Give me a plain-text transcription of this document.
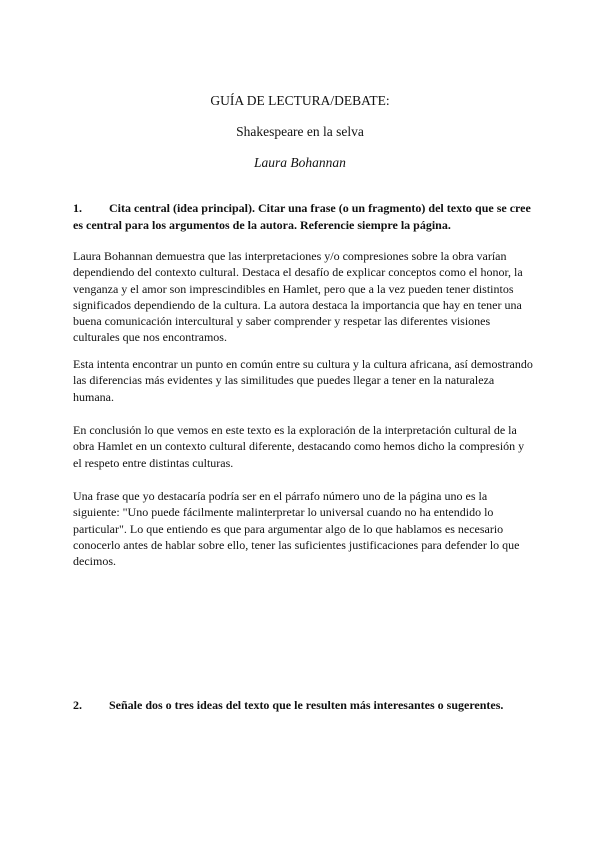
GUÍA DE LECTURA/DEBATE:
Shakespeare en la selva
Laura Bohannan
1.	Cita central (idea principal). Citar una frase (o un fragmento) del texto que se cree es central para los argumentos de la autora. Referencie siempre la página.

Laura Bohannan demuestra que las interpretaciones y/o compresiones sobre la obra varían dependiendo del contexto cultural. Destaca el desafío de explicar conceptos como el honor, la venganza y el amor son imprescindibles en Hamlet, pero que a la vez pueden tener distintos significados dependiendo de la cultura. La autora destaca la importancia que hay en tener una buena comunicación intercultural y saber comprender y respetar las diferentes visiones culturales que nos encontramos.

Esta intenta encontrar un punto en común entre su cultura y la cultura africana, así demostrando las diferencias más evidentes y las similitudes que puedes llegar a tener en la naturaleza humana.

En conclusión lo que vemos en este texto es la exploración de la interpretación cultural de la obra Hamlet en un contexto cultural diferente, destacando como hemos dicho la compresión y el respeto entre distintas culturas.

Una frase que yo destacaría podría ser en el párrafo número uno de la página uno es la siguiente: "Uno puede fácilmente malinterpretar lo universal cuando no ha entendido lo particular". Lo que entiendo es que para argumentar algo de lo que hablamos es necesario conocerlo antes de hablar sobre ello, tener las suficientes justificaciones para defender lo que decimos.

2.	Señale dos o tres ideas del texto que le resulten más interesantes o sugerentes.
